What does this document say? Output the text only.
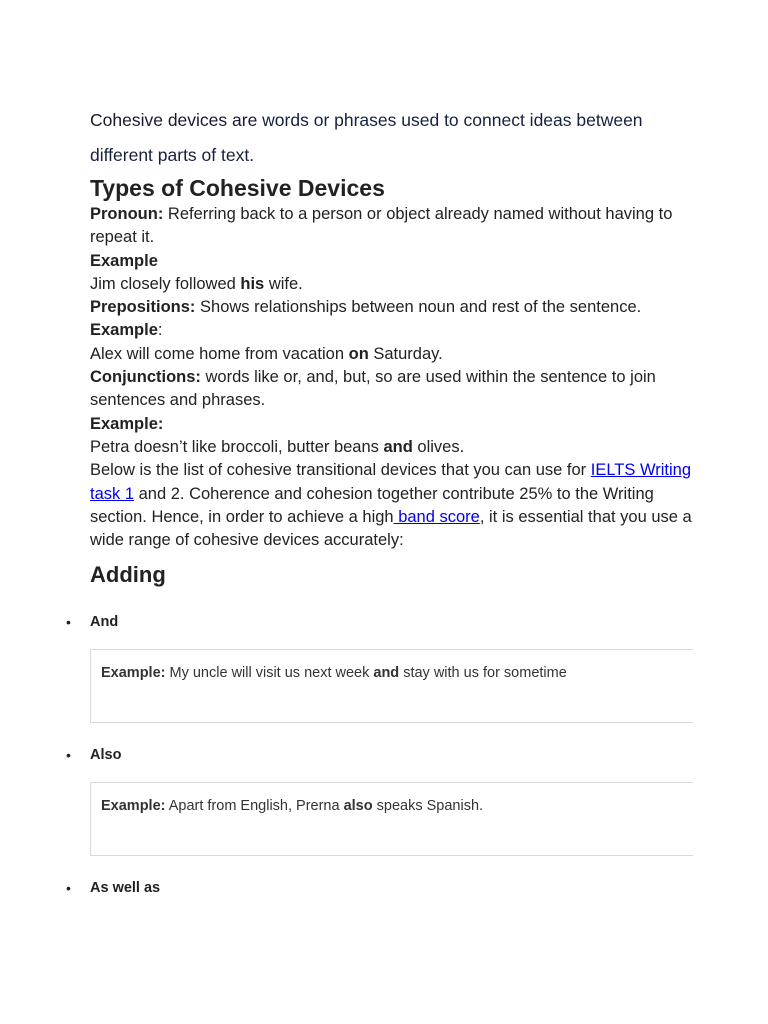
Cohesive devices are words or phrases used to connect ideas between different parts of text.

Types of Cohesive Devices

Pronoun: Referring back to a person or object already named without having to repeat it.

Example

Jim closely followed his wife.

Prepositions: Shows relationships between noun and rest of the sentence.

Example:

Alex will come home from vacation on Saturday.

Conjunctions: words like or, and, but, so are used within the sentence to join sentences and phrases.

Example:

Petra doesn’t like broccoli, butter beans and olives.

Below is the list of cohesive transitional devices that you can use for IELTS Writing task 1 and 2. Coherence and cohesion together contribute 25% to the Writing section. Hence, in order to achieve a high band score, it is essential that you use a wide range of cohesive devices accurately:

Adding
• And
Example: My uncle will visit us next week and stay with us for sometime
• Also
Example: Apart from English, Prerna also speaks Spanish.
• As well as
